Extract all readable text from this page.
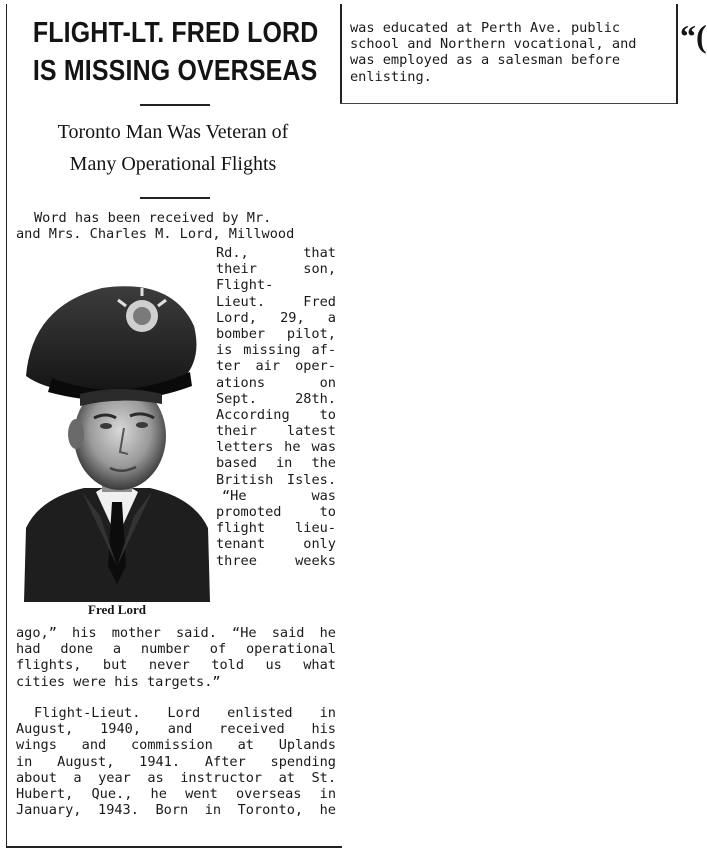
FLIGHT-LT. FRED LORD
IS MISSING OVERSEAS
Toronto Man Was Veteran of
Many Operational Flights
Word has been received by Mr.
and Mrs. Charles M. Lord, Millwood
Rd., that
their son,
Flight-
Lieut. Fred
Lord, 29, a
bomber pilot,
is missing af-
ter air oper-
ations on
Sept. 28th.
According to
their latest
letters he was
based in the
British Isles.
“He was
promoted to
flight lieu-
tenant only
three weeks
Fred Lord
ago,” his mother said. “He said he
had done a number of operational
flights, but never told us what
cities were his targets.”
Flight-Lieut. Lord enlisted in
August, 1940, and received his
wings and commission at Uplands
in August, 1941. After spending
about a year as instructor at St.
Hubert, Que., he went overseas in
January, 1943. Born in Toronto, he
was educated at Perth Ave. public
school and Northern vocational, and
was employed as a salesman before
enlisting.
“(
